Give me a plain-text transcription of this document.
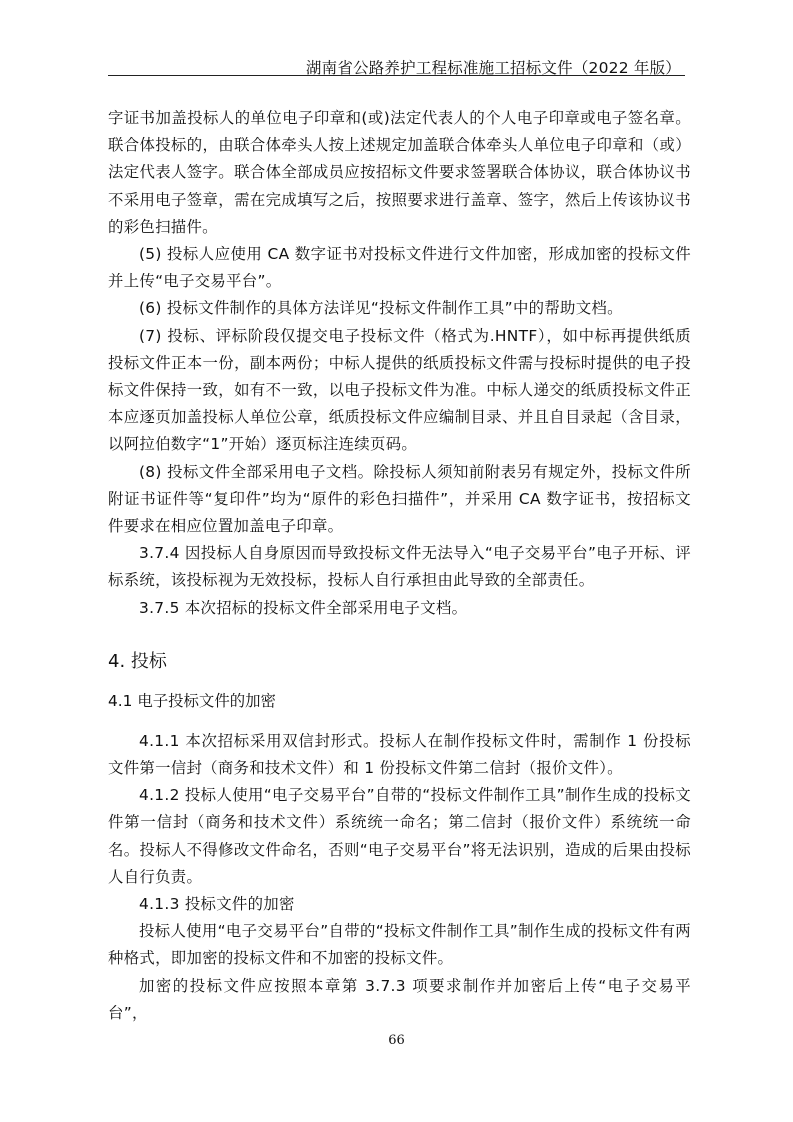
湖南省公路养护工程标准施工招标文件（2022 年版）

字证书加盖投标人的单位电子印章和(或)法定代表人的个人电子印章或电子签名章。联合体投标的，由联合体牵头人按上述规定加盖联合体牵头人单位电子印章和（或）法定代表人签字。联合体全部成员应按招标文件要求签署联合体协议，联合体协议书不采用电子签章，需在完成填写之后，按照要求进行盖章、签字，然后上传该协议书的彩色扫描件。

(5) 投标人应使用 CA 数字证书对投标文件进行文件加密，形成加密的投标文件并上传“电子交易平台”。

(6) 投标文件制作的具体方法详见“投标文件制作工具”中的帮助文档。

(7) 投标、评标阶段仅提交电子投标文件（格式为.HNTF），如中标再提供纸质投标文件正本一份，副本两份；中标人提供的纸质投标文件需与投标时提供的电子投标文件保持一致，如有不一致，以电子投标文件为准。中标人递交的纸质投标文件正本应逐页加盖投标人单位公章，纸质投标文件应编制目录、并且自目录起（含目录，以阿拉伯数字“1”开始）逐页标注连续页码。

(8) 投标文件全部采用电子文档。除投标人须知前附表另有规定外，投标文件所附证书证件等“复印件”均为“原件的彩色扫描件”，并采用 CA 数字证书，按招标文件要求在相应位置加盖电子印章。

3.7.4 因投标人自身原因而导致投标文件无法导入“电子交易平台”电子开标、评标系统，该投标视为无效投标，投标人自行承担由此导致的全部责任。

3.7.5 本次招标的投标文件全部采用电子文档。

4. 投标
4.1 电子投标文件的加密

4.1.1 本次招标采用双信封形式。投标人在制作投标文件时，需制作 1 份投标文件第一信封（商务和技术文件）和 1 份投标文件第二信封（报价文件）。

4.1.2 投标人使用“电子交易平台”自带的“投标文件制作工具”制作生成的投标文件第一信封（商务和技术文件）系统统一命名；第二信封（报价文件）系统统一命名。投标人不得修改文件命名，否则“电子交易平台”将无法识别，造成的后果由投标人自行负责。

4.1.3 投标文件的加密

投标人使用“电子交易平台”自带的“投标文件制作工具”制作生成的投标文件有两种格式，即加密的投标文件和不加密的投标文件。

加密的投标文件应按照本章第 3.7.3 项要求制作并加密后上传“电子交易平台”，

66
